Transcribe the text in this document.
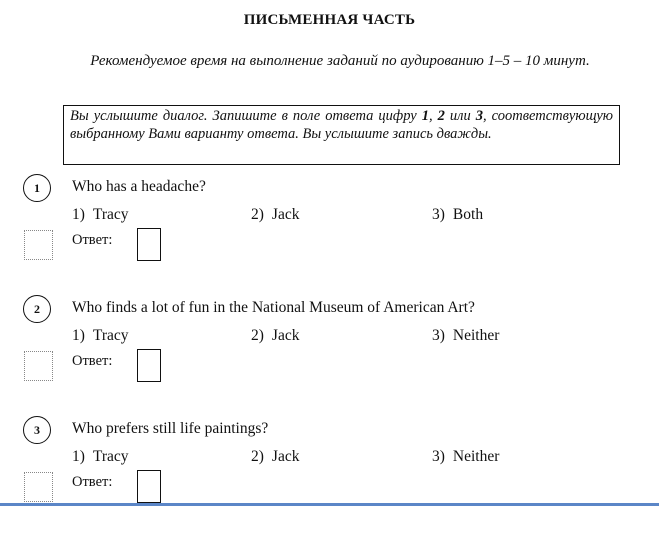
ПИСЬМЕННАЯ ЧАСТЬ
Рекомендуемое время на выполнение заданий по аудированию 1–5 – 10 минут.
Вы услышите диалог. Запишите в поле ответа цифру 1, 2 или 3, соответствующую выбранному Вами варианту ответа. Вы услышите запись дважды.
1	Who has a headache?
1) Tracy	2) Jack	3) Both
Ответ:
2	Who finds a lot of fun in the National Museum of American Art?
1) Tracy	2) Jack	3) Neither
Ответ:
3	Who prefers still life paintings?
1) Tracy	2) Jack	3) Neither
Ответ:
